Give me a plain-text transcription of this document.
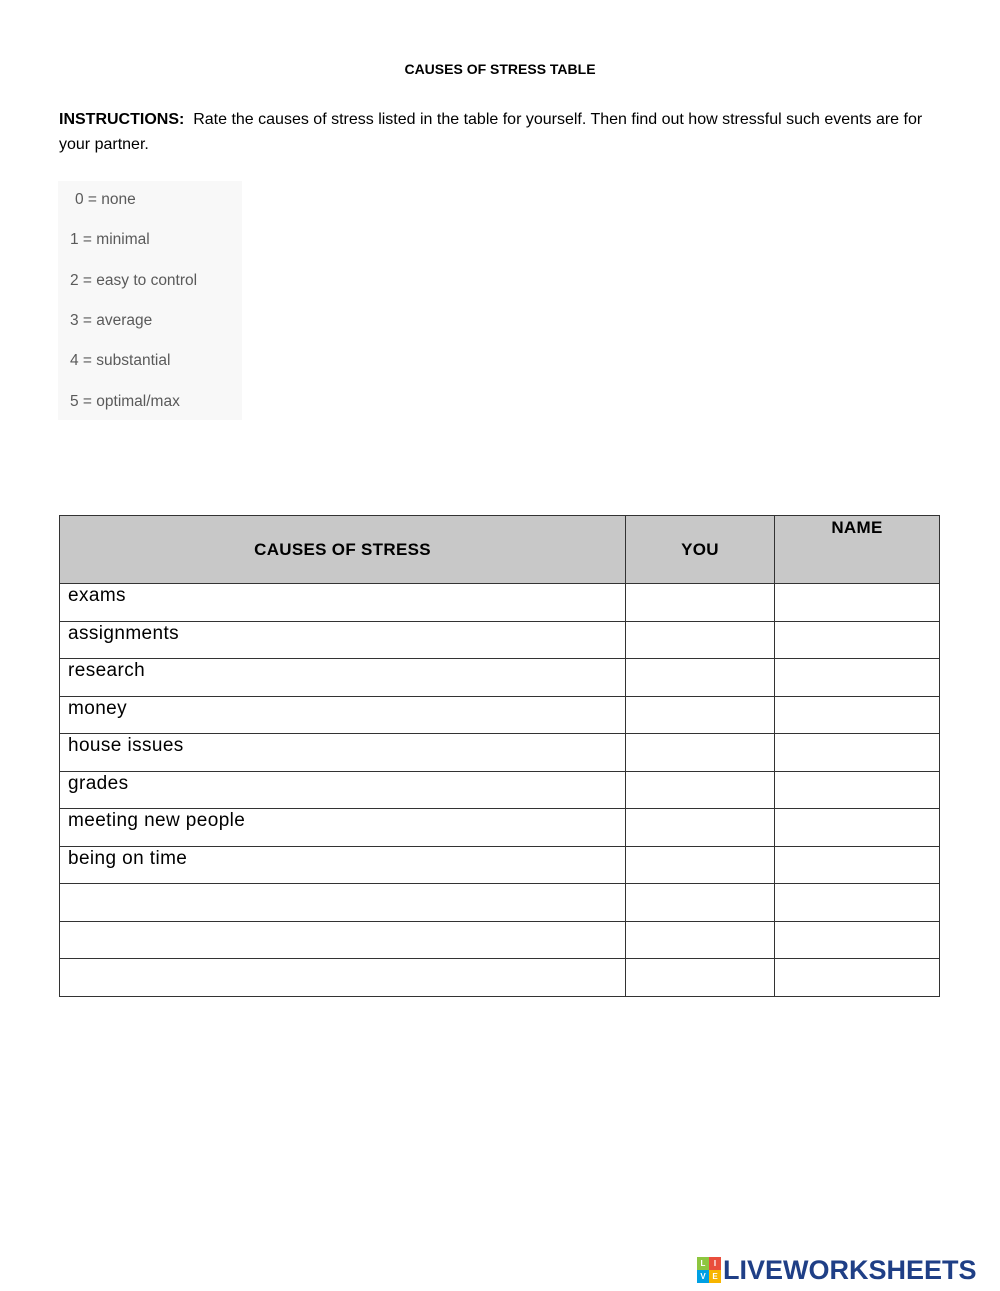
CAUSES OF STRESS TABLE
INSTRUCTIONS: Rate the causes of stress listed in the table for yourself. Then find out how stressful such events are for your partner.
0 = none
1 = minimal
2 = easy to control
3 = average
4 = substantial
5 = optimal/max
CAUSES OF STRESS	YOU	NAME
exams		
assignments		
research		
money		
house issues		
grades		
meeting new people		
being on time		

L	I
V E LIVEWORKSHEETS
